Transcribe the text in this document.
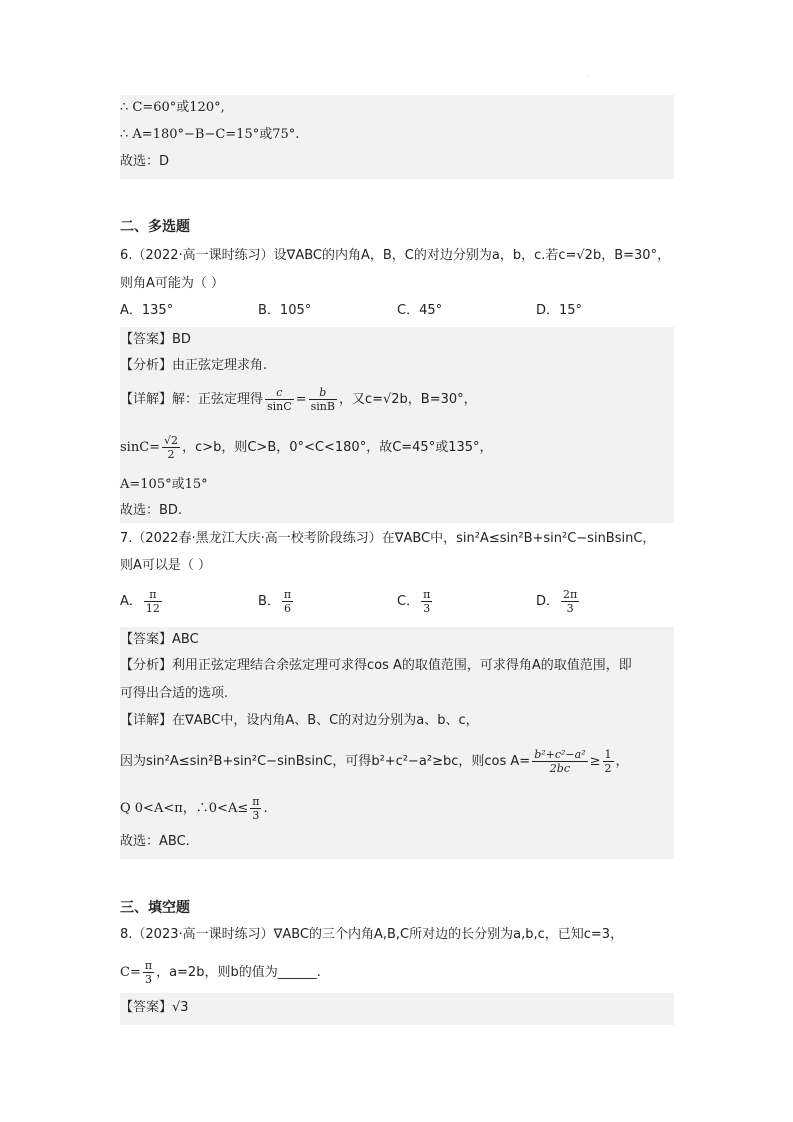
·
∴ C=60°或120°,
∴ A=180°−B−C=15°或75°.
故选：D
二、多选题
6.（2022·高一课时练习）设∇ABC的内角A，B，C的对边分别为a，b，c.若c=√2b，B=30°，
则角A可能为（ ）
A．135°	B．105°	C．45°	D．15°
【答案】BD
【分析】由正弦定理求角.
【详解】解：正弦定理得 $\frac{c}{\sin C} = \frac{b}{\sin B}$ ，又c=√2b，B=30°，
$\sin C= \frac{√2}{2}$ ，c>b，则C>B，0°<C<180°，故C=45°或135°，
A=105°或15°
故选：BD.
7.（2022春·黑龙江大庆·高一校考阶段练习）在∇ABC中，sin²A≤sin²B+sin²C−sinBsinC，
则A可以是（ ）
A． $\frac{\pi}{12}$	B． $\frac{\pi}{6}$	C． $\frac{\pi}{3}$	D． $\frac{2\pi}{3}$
【答案】ABC
【分析】利用正弦定理结合余弦定理可求得cos A的取值范围，可求得角A的取值范围，即
可得出合适的选项.
【详解】在∇ABC中，设内角A、B、C的对边分别为a、b、c，
因为sin²A≤sin²B+sin²C−sinBsinC，可得b²+c²−a²≥bc，则$\cos A= \frac{\text{b²+c²−a²}}{2bc} \ge \frac{1}{2}$ ，
Q 0<A<π，∴0<A≤ $\frac{\pi}{3}$ .
故选：ABC.
三、填空题
8.（2023·高一课时练习）∇ABC的三个内角A,B,C所对边的长分别为a,b,c，已知c=3，
$C= \frac{\pi}{3}$ ，a=2b，则b的值为______.
【答案】√3
